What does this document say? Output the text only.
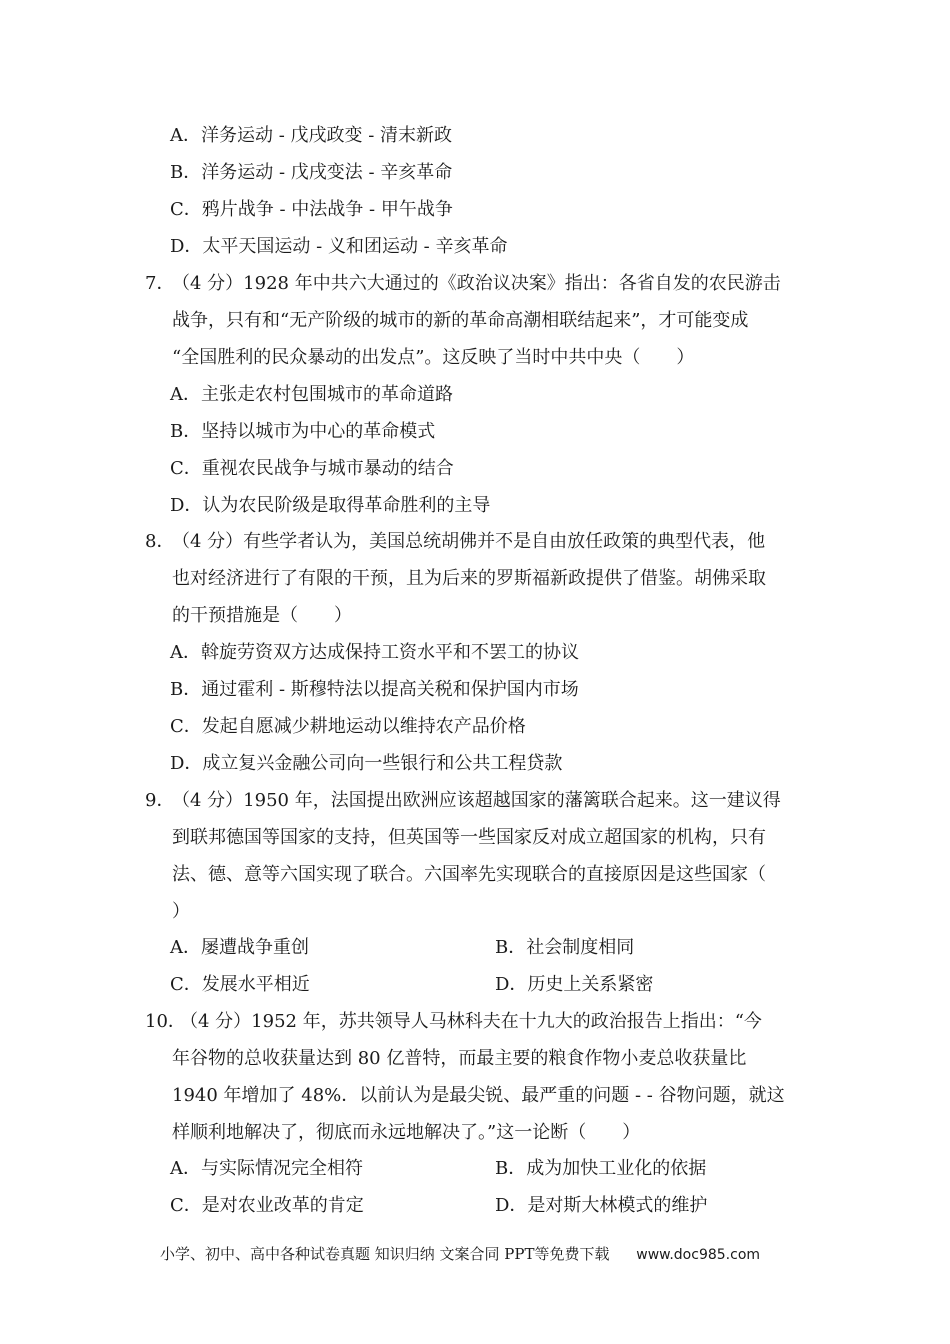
A．洋务运动 - 戊戌政变 - 清末新政
B．洋务运动 - 戊戌变法 - 辛亥革命
C．鸦片战争 - 中法战争 - 甲午战争
D．太平天国运动 - 义和团运动 - 辛亥革命
7．
（4 分）1928 年中共六大通过的《政治议决案》指出：各省自发的农民游击
战争，只有和“无产阶级的城市的新的革命高潮相联结起来”，才可能变成
“全国胜利的民众暴动的出发点”。这反映了当时中共中央（　　）
A．主张走农村包围城市的革命道路
B．坚持以城市为中心的革命模式
C．重视农民战争与城市暴动的结合
D．认为农民阶级是取得革命胜利的主导
8．
（4 分）有些学者认为，美国总统胡佛并不是自由放任政策的典型代表，他
也对经济进行了有限的干预，且为后来的罗斯福新政提供了借鉴。胡佛采取
的干预措施是（　　）
A．斡旋劳资双方达成保持工资水平和不罢工的协议
B．通过霍利 - 斯穆特法以提高关税和保护国内市场
C．发起自愿减少耕地运动以维持农产品价格
D．成立复兴金融公司向一些银行和公共工程贷款
9．
（4 分）1950 年，法国提出欧洲应该超越国家的藩篱联合起来。这一建议得
到联邦德国等国家的支持，但英国等一些国家反对成立超国家的机构，只有
法、德、意等六国实现了联合。六国率先实现联合的直接原因是这些国家（
）
A．屡遭战争重创	B．社会制度相同
C．发展水平相近	D．历史上关系紧密
10．
（4 分）1952 年，苏共领导人马林科夫在十九大的政治报告上指出：“今
年谷物的总收获量达到 80 亿普特，而最主要的粮食作物小麦总收获量比
1940 年增加了 48%．以前认为是最尖锐、最严重的问题 - - 谷物问题，就这
样顺利地解决了，彻底而永远地解决了。”这一论断（　　）
A．与实际情况完全相符	B．成为加快工业化的依据
C．是对农业改革的肯定	D．是对斯大林模式的维护
小学、初中、高中各种试卷真题 知识归纳 文案合同 PPT等免费下载 www.doc985.com
